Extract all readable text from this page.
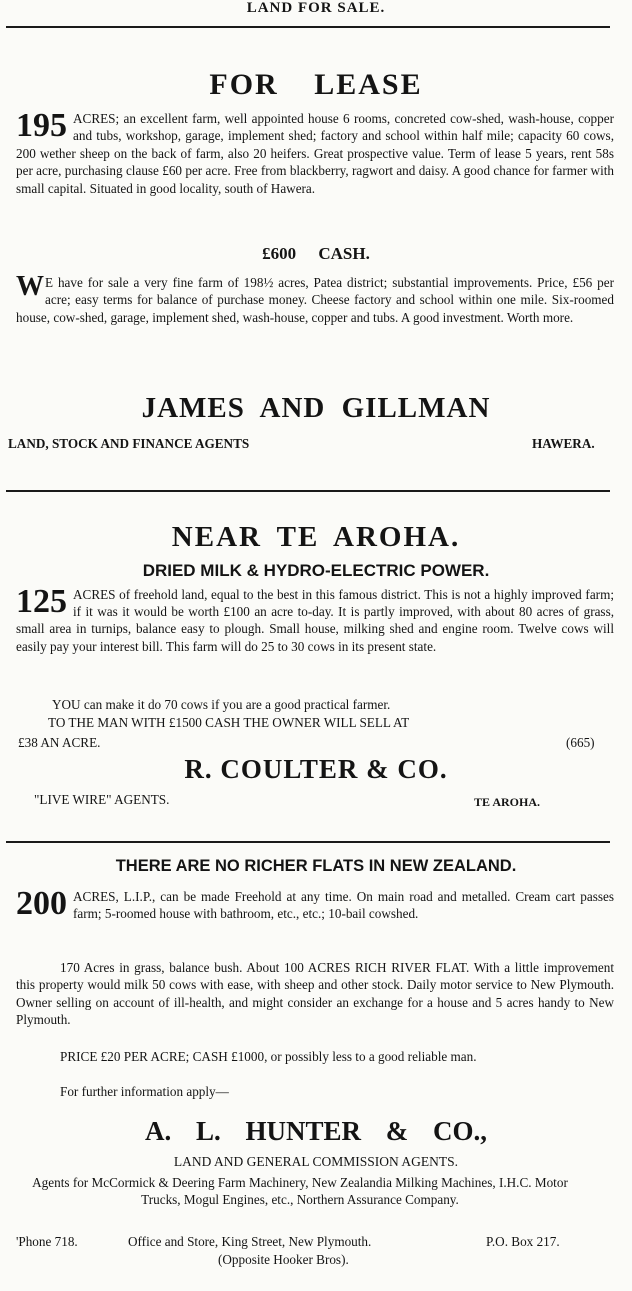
LAND FOR SALE.
FOR LEASE
195 ACRES; an excellent farm, well appointed house 6 rooms, concreted cow-shed, wash-house, copper and tubs, workshop, garage, implement shed; factory and school within half mile; capacity 60 cows, 200 wether sheep on the back of farm, also 20 heifers. Great prospective value. Term of lease 5 years, rent 58s per acre, purchasing clause £60 per acre. Free from blackberry, ragwort and daisy. A good chance for farmer with small capital. Situated in good locality, south of Hawera.
£600 CASH.
W E have for sale a very fine farm of 198½ acres, Patea district; substantial improvements. Price, £56 per acre; easy terms for balance of purchase money. Cheese factory and school within one mile. Six-roomed house, cow-shed, garage, implement shed, wash-house, copper and tubs. A good investment. Worth more.
JAMES AND GILLMAN
LAND, STOCK AND FINANCE AGENTS	HAWERA.
NEAR TE AROHA.
DRIED MILK & HYDRO-ELECTRIC POWER.
125 ACRES of freehold land, equal to the best in this famous district. This is not a highly improved farm; if it was it would be worth £100 an acre to-day. It is partly improved, with about 80 acres of grass, small area in turnips, balance easy to plough. Small house, milking shed and engine room. Twelve cows will easily pay your interest bill. This farm will do 25 to 30 cows in its present state.
YOU can make it do 70 cows if you are a good practical farmer.
TO THE MAN WITH £1500 CASH THE OWNER WILL SELL AT
£38 AN ACRE.	(665)
R. COULTER & CO.
"LIVE WIRE" AGENTS.	TE AROHA.
THERE ARE NO RICHER FLATS IN NEW ZEALAND.
200 ACRES, L.I.P., can be made Freehold at any time. On main road and metalled. Cream cart passes farm; 5-roomed house with bathroom, etc., etc.; 10-bail cowshed.
170 Acres in grass, balance bush. About 100 ACRES RICH RIVER FLAT. With a little improvement this property would milk 50 cows with ease, with sheep and other stock. Daily motor service to New Plymouth. Owner selling on account of ill-health, and might consider an exchange for a house and 5 acres handy to New Plymouth.
PRICE £20 PER ACRE; CASH £1000, or possibly less to a good reliable man.
For further information apply—
A. L. HUNTER & CO.,
LAND AND GENERAL COMMISSION AGENTS.
Agents for McCormick & Deering Farm Machinery, New Zealandia Milking Machines, I.H.C. Motor Trucks, Mogul Engines, etc., Northern Assurance Company.
'Phone 718.	Office and Store, King Street, New Plymouth.	P.O. Box 217.
(Opposite Hooker Bros).
